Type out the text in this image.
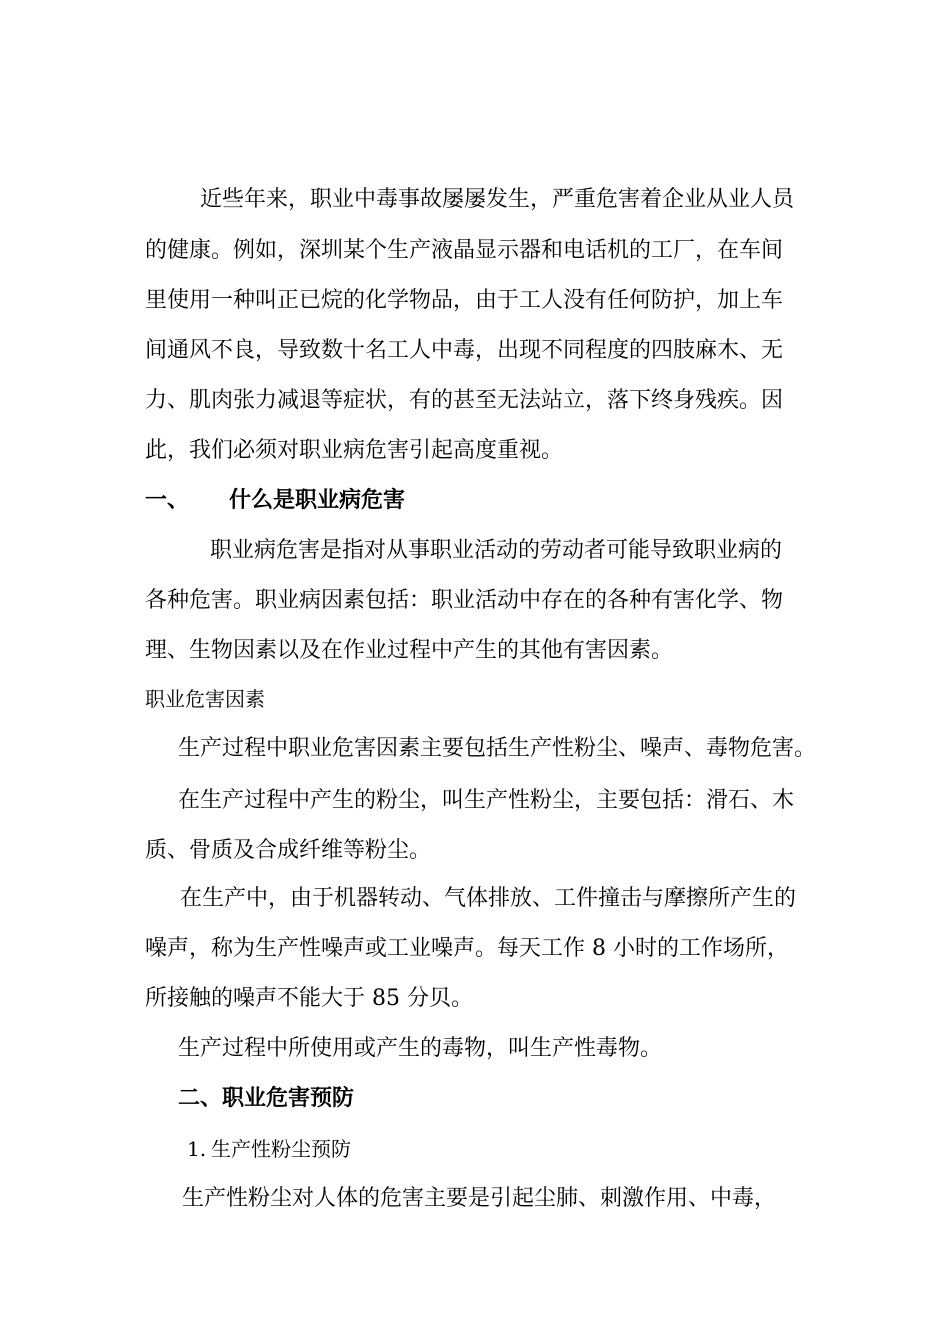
近些年来，职业中毒事故屡屡发生，严重危害着企业从业人员
的健康。例如，深圳某个生产液晶显示器和电话机的工厂，在车间
里使用一种叫正已烷的化学物品，由于工人没有任何防护，加上车
间通风不良，导致数十名工人中毒，出现不同程度的四肢麻木、无
力、肌肉张力减退等症状，有的甚至无法站立，落下终身残疾。因
此，我们必须对职业病危害引起高度重视。
一、 什么是职业病危害
职业病危害是指对从事职业活动的劳动者可能导致职业病的
各种危害。职业病因素包括：职业活动中存在的各种有害化学、物
理、生物因素以及在作业过程中产生的其他有害因素。
职业危害因素
生产过程中职业危害因素主要包括生产性粉尘、噪声、毒物危害。
在生产过程中产生的粉尘，叫生产性粉尘，主要包括：滑石、木
质、骨质及合成纤维等粉尘。
在生产中，由于机器转动、气体排放、工件撞击与摩擦所产生的
噪声，称为生产性噪声或工业噪声。每天工作 8 小时的工作场所，
所接触的噪声不能大于 85 分贝。
生产过程中所使用或产生的毒物，叫生产性毒物。
二、职业危害预防
1. 生产性粉尘预防
生产性粉尘对人体的危害主要是引起尘肺、刺激作用、中毒，
